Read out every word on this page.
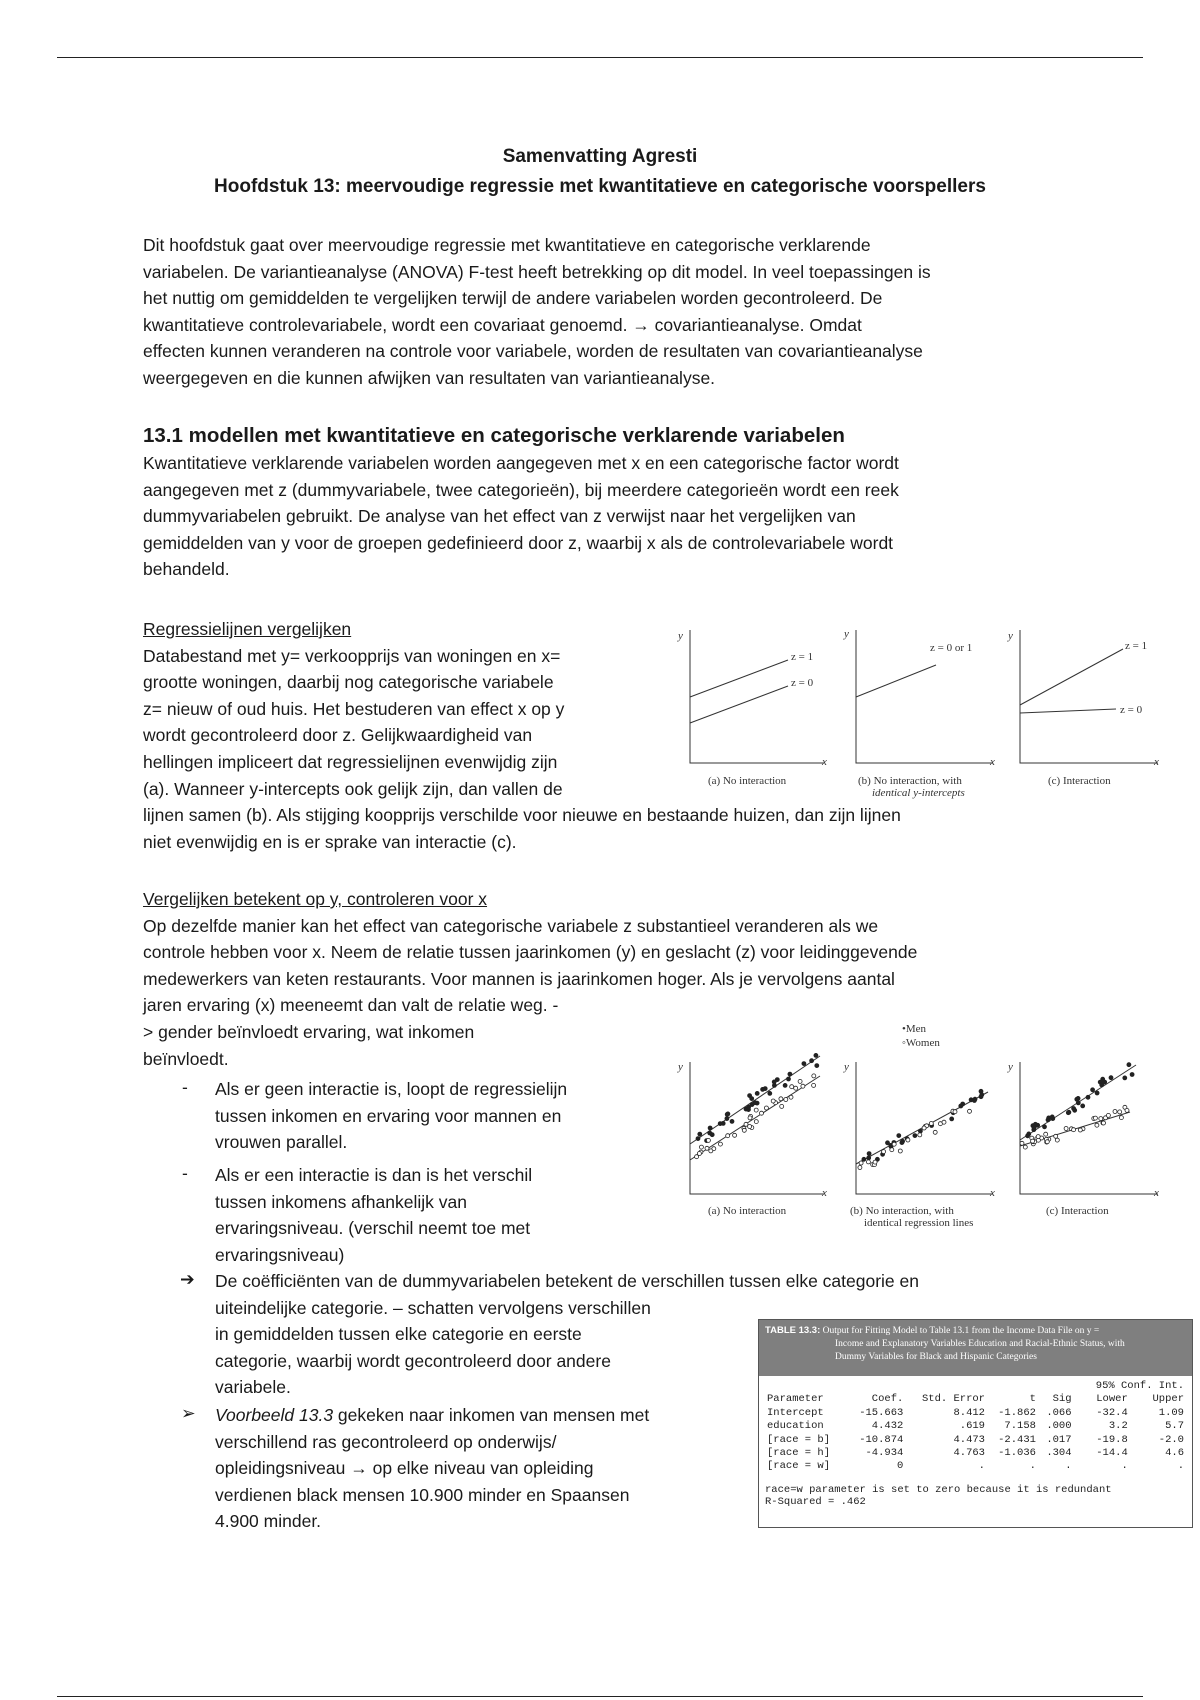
Samenvatting Agresti
Hoofdstuk 13: meervoudige regressie met kwantitatieve en categorische voorspellers

Dit hoofdstuk gaat over meervoudige regressie met kwantitatieve en categorische verklarende

variabelen. De variantieanalyse (ANOVA) F-test heeft betrekking op dit model. In veel toepassingen is

het nuttig om gemiddelden te vergelijken terwijl de andere variabelen worden gecontroleerd. De

kwantitatieve controlevariabele, wordt een covariaat genoemd. → covariantieanalyse. Omdat

effecten kunnen veranderen na controle voor variabele, worden de resultaten van covariantieanalyse

weergegeven en die kunnen afwijken van resultaten van variantieanalyse.

13.1 modellen met kwantitatieve en categorische verklarende variabelen

Kwantitatieve verklarende variabelen worden aangegeven met x en een categorische factor wordt

aangegeven met z (dummyvariabele, twee categorieën), bij meerdere categorieën wordt een reek

dummyvariabelen gebruikt. De analyse van het effect van z verwijst naar het vergelijken van

gemiddelden van y voor de groepen gedefinieerd door z, waarbij x als de controlevariabele wordt

behandeld.

Regressielijnen vergelijken

Databestand met y= verkoopprijs van woningen en x=

grootte woningen, daarbij nog categorische variabele

z= nieuw of oud huis. Het bestuderen van effect x op y

wordt gecontroleerd door z. Gelijkwaardigheid van

hellingen impliceert dat regressielijnen evenwijdig zijn

(a). Wanneer y-intercepts ook gelijk zijn, dan vallen de

lijnen samen (b). Als stijging koopprijs verschilde voor nieuwe en bestaande huizen, dan zijn lijnen

niet evenwijdig en is er sprake van interactie (c).

y
x
z = 1
z = 0
(a) No interaction
y
x
z = 0 or 1
(b) No interaction, with
identical y-intercepts
y
x
z = 1
z = 0
(c) Interaction
Vergelijken betekent op y, controleren voor x

Op dezelfde manier kan het effect van categorische variabele z substantieel veranderen als we

controle hebben voor x. Neem de relatie tussen jaarinkomen (y) en geslacht (z) voor leidinggevende

medewerkers van keten restaurants. Voor mannen is jaarinkomen hoger. Als je vervolgens aantal

jaren ervaring (x) meeneemt dan valt de relatie weg. -

> gender beïnvloedt ervaring, wat inkomen

beïnvloedt.

- Als er geen interactie is, loopt de regressielijn

tussen inkomen en ervaring voor mannen en

vrouwen parallel.

- Als er een interactie is dan is het verschil

tussen inkomens afhankelijk van

ervaringsniveau. (verschil neemt toe met

ervaringsniveau)

➔ De coëfficiënten van de dummyvariabelen betekent de verschillen tussen elke categorie en

uiteindelijke categorie. – schatten vervolgens verschillen

in gemiddelden tussen elke categorie en eerste

categorie, waarbij wordt gecontroleerd door andere

variabele.

➢ Voorbeeld 13.3 gekeken naar inkomen van mensen met

verschillend ras gecontroleerd op onderwijs/

opleidingsniveau → op elke niveau van opleiding

verdienen black mensen 10.900 minder en Spaansen

4.900 minder.

•Men
◦Women
y
x
y
x
y
x
(a) No interaction	(b) No interaction, with
identical regression lines
(c) Interaction
TABLE 13.3: Output for Fitting Model to Table 13.1 from the Income Data File on y =
Income and Explanatory Variables Education and Racial-Ethnic Status, with
Dummy Variables for Black and Hispanic Categories
					95% Conf. Int.	
Parameter	Coef.	Std. Error	t	Sig	Lower	Upper
Intercept	-15.663	8.412	-1.862	.066	-32.4	1.09
education	4.432	.619	7.158	.000	3.2	5.7
[race = b]	-10.874	4.473	-2.431	.017	-19.8	-2.0
[race = h]	-4.934	4.763	-1.036	.304	-14.4	4.6
[race = w]	0	.	.	.	.	.
race=w parameter is set to zero because it is redundant
R-Squared = .462
